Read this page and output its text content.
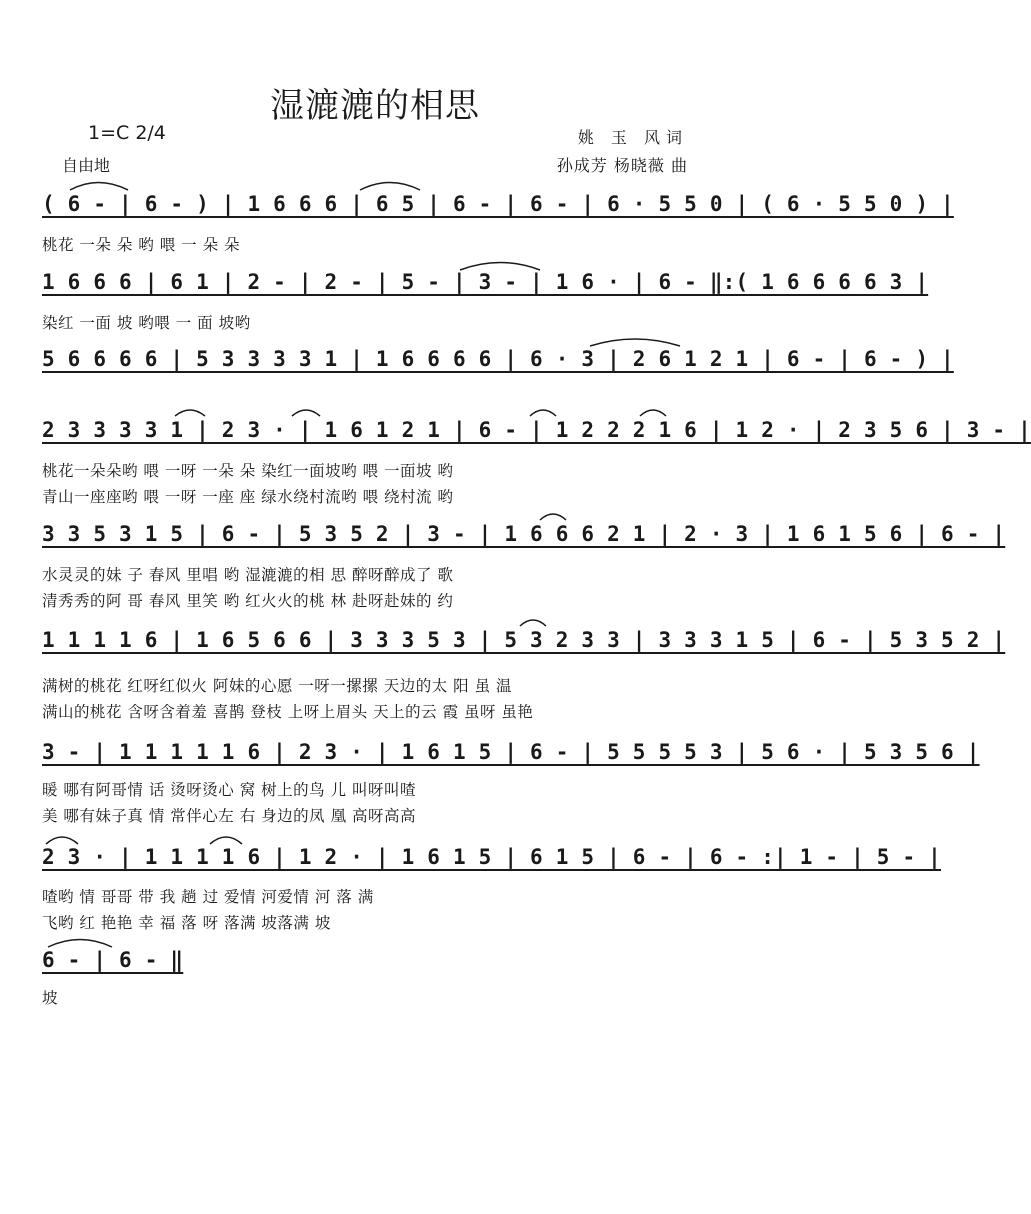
湿漉漉的相思
1=C 2/4
自由地
姚 玉 风词
孙成芳 杨晓薇 曲
( 6 - | 6 - ) | 1 6 6 6 | 6 5 | 6 - | 6 - | 6 · 5 5 0 | ( 6 · 5 5 0 ) |
桃花 一朵 朵 哟 喂 一 朵 朵
1 6 6 6 | 6 1 | 2 - | 2 - | 5 - | 3 - | 1 6 · | 6 - ‖:( 1 6 6 6 6 3 |
染红 一面 坡 哟喂 一 面 坡哟
5 6 6 6 6 | 5 3 3 3 3 1 | 1 6 6 6 6 | 6 · 3 | 2 6 1 2 1 | 6 - | 6 - ) |
2 3 3 3 3 1 | 2 3 · | 1 6 1 2 1 | 6 - | 1 2 2 2 1 6 | 1 2 · | 2 3 5 6 | 3 - |
桃花一朵朵哟 喂 一呀 一朵 朵 染红一面坡哟 喂 一面坡 哟
青山一座座哟 喂 一呀 一座 座 绿水绕村流哟 喂 绕村流 哟
3 3 5 3 1 5 | 6 - | 5 3 5 2 | 3 - | 1 6 6 6 2 1 | 2 · 3 | 1 6 1 5 6 | 6 - |
水灵灵的妹 子 春风 里唱 哟 湿漉漉的相 思 醉呀醉成了 歌
清秀秀的阿 哥 春风 里笑 哟 红火火的桃 林 赴呀赴妹的 约
1 1 1 1 6 | 1 6 5 6 6 | 3 3 3 5 3 | 5 3 2 3 3 | 3 3 3 1 5 | 6 - | 5 3 5 2 |
满树的桃花 红呀红似火 阿妹的心愿 一呀一摞摞 天边的太 阳 虽 温
满山的桃花 含呀含着羞 喜鹊 登枝 上呀上眉头 天上的云 霞 虽呀 虽艳
3 - | 1 1 1 1 1 6 | 2 3 · | 1 6 1 5 | 6 - | 5 5 5 5 3 | 5 6 · | 5 3 5 6 |
暖 哪有阿哥情 话 烫呀烫心 窝 树上的鸟 儿 叫呀叫喳
美 哪有妹子真 情 常伴心左 右 身边的凤 凰 高呀高高
2 3 · | 1 1 1 1 6 | 1 2 · | 1 6 1 5 | 6 1 5 | 6 - | 6 - :| 1 - | 5 - |
喳哟 情 哥哥 带 我 趟 过 爱情 河爱情 河 落 满
飞哟 红 艳艳 幸 福 落 呀 落满 坡落满 坡
6 - | 6 - ‖
坡
